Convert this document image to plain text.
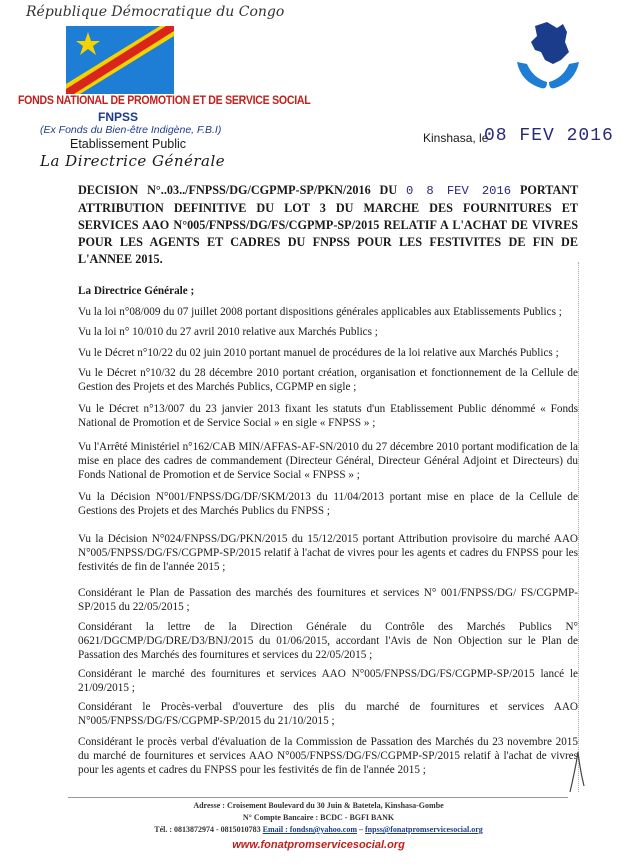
République Démocratique du Congo
FONDS NATIONAL DE PROMOTION ET DE SERVICE SOCIAL
FNPSS
(Ex Fonds du Bien-être Indigène, F.B.I)
Etablissement Public
La Directrice Générale
Kinshasa, le
08 FEV 2016
DECISION N°..03../FNPSS/DG/CGPMP-SP/PKN/2016 DU 0 8 FEV 2016 PORTANT ATTRIBUTION DEFINITIVE DU LOT 3 DU MARCHE DES FOURNITURES ET SERVICES AAO N°005/FNPSS/DG/FS/CGPMP-SP/2015 RELATIF A L'ACHAT DE VIVRES POUR LES AGENTS ET CADRES DU FNPSS POUR LES FESTIVITES DE FIN DE L'ANNEE 2015.
La Directrice Générale ;
Vu la loi n°08/009 du 07 juillet 2008 portant dispositions générales applicables aux Etablissements Publics ;
Vu la loi n° 10/010 du 27 avril 2010 relative aux Marchés Publics ;
Vu le Décret n°10/22 du 02 juin 2010 portant manuel de procédures de la loi relative aux Marchés Publics ;
Vu le Décret n°10/32 du 28 décembre 2010 portant création, organisation et fonctionnement de la Cellule de Gestion des Projets et des Marchés Publics, CGPMP en sigle ;
Vu le Décret n°13/007 du 23 janvier 2013 fixant les statuts d'un Etablissement Public dénommé « Fonds National de Promotion et de Service Social » en sigle « FNPSS » ;
Vu l'Arrêté Ministériel n°162/CAB MIN/AFFAS-AF-SN/2010 du 27 décembre 2010 portant modification de la mise en place des cadres de commandement (Directeur Général, Directeur Général Adjoint et Directeurs) du Fonds National de Promotion et de Service Social « FNPSS » ;
Vu la Décision N°001/FNPSS/DG/DF/SKM/2013 du 11/04/2013 portant mise en place de la Cellule de Gestions des Projets et des Marchés Publics du FNPSS ;
Vu la Décision N°024/FNPSS/DG/PKN/2015 du 15/12/2015 portant Attribution provisoire du marché AAO N°005/FNPSS/DG/FS/CGPMP-SP/2015 relatif à l'achat de vivres pour les agents et cadres du FNPSS pour les festivités de fin de l'année 2015 ;
Considérant le Plan de Passation des marchés des fournitures et services N° 001/FNPSS/DG/ FS/CGPMP-SP/2015 du 22/05/2015 ;
Considérant la lettre de la Direction Générale du Contrôle des Marchés Publics N° 0621/DGCMP/DG/DRE/D3/BNJ/2015 du 01/06/2015, accordant l'Avis de Non Objection sur le Plan de Passation des Marchés des fournitures et services du 22/05/2015 ;
Considérant le marché des fournitures et services AAO N°005/FNPSS/DG/FS/CGPMP-SP/2015 lancé le 21/09/2015 ;
Considérant le Procès-verbal d'ouverture des plis du marché de fournitures et services AAO N°005/FNPSS/DG/FS/CGPMP-SP/2015 du 21/10/2015 ;
Considérant le procès verbal d'évaluation de la Commission de Passation des Marchés du 23 novembre 2015 du marché de fournitures et services AAO N°005/FNPSS/DG/FS/CGPMP-SP/2015 relatif à l'achat de vivres pour les agents et cadres du FNPSS pour les festivités de fin de l'année 2015 ;
Adresse : Croisement Boulevard du 30 Juin & Batetela, Kinshasa-Gombe
N° Compte Bancaire : BCDC - BGFI BANK
Tél. : 0813872974 - 0815010783 Email : fondsn@yahoo.com – fnpss@fonatpromservicesocial.org
www.fonatpromservicesocial.org
